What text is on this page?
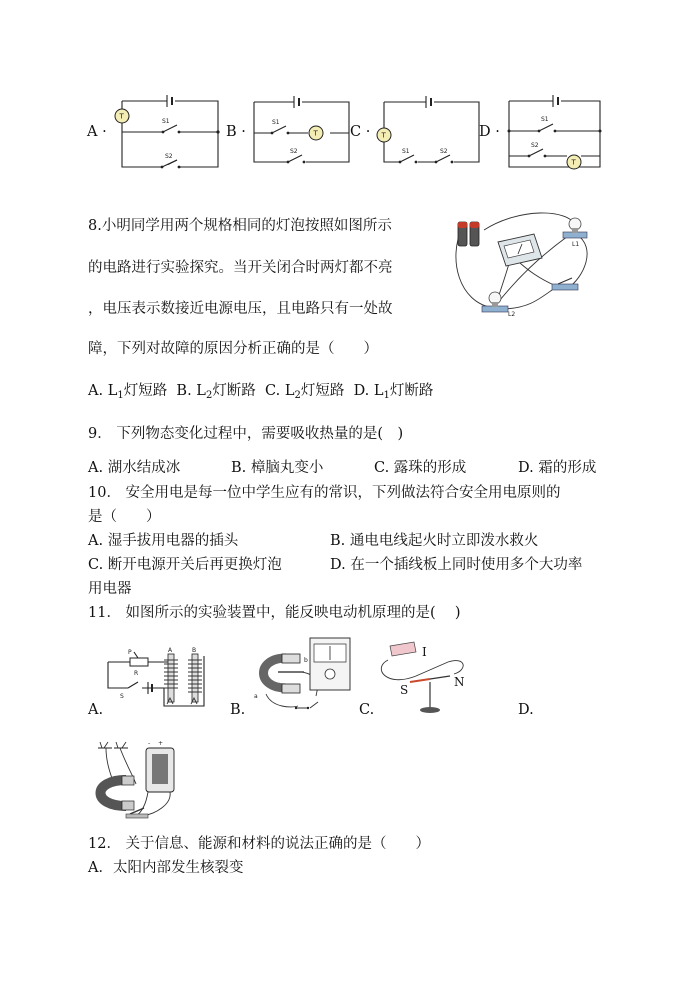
A ·	B ·	C ·	D ·
S1
S2
T
T
S1
S2
T
S1	S2
T
S1
S2
8.小明同学用两个规格相同的灯泡按照如图所示
的电路进行实验探究。当开关闭合时两灯都不亮
，电压表示数接近电源电压，且电路只有一处故
障，下列对故障的原因分析正确的是（　　）
A. $L_1$灯短路 B. $L_2$灯断路 C. $L_2$灯短路 D. $L_1$灯断路
L1
L2
9． 下列物态变化过程中，需要吸收热量的是(　)
A. 湖水结成冰	B. 樟脑丸变小	C. 露珠的形成	D. 霜的形成
10． 安全用电是每一位中学生应有的常识，下列做法符合安全用电原则的
是（　　）
A. 湿手拔用电器的插头	B. 通电电线起火时立即泼水救火
C. 断开电源开关后再更换灯泡	D. 在一个插线板上同时使用多个大功率
用电器
11． 如图所示的实验装置中，能反映电动机原理的是(　 )
A.	B.	C.	D.
P
R
S
A	B
a
b
I
S
N
- +
12． 关于信息、能源和材料的说法正确的是（　　）
A．太阳内部发生核裂变
